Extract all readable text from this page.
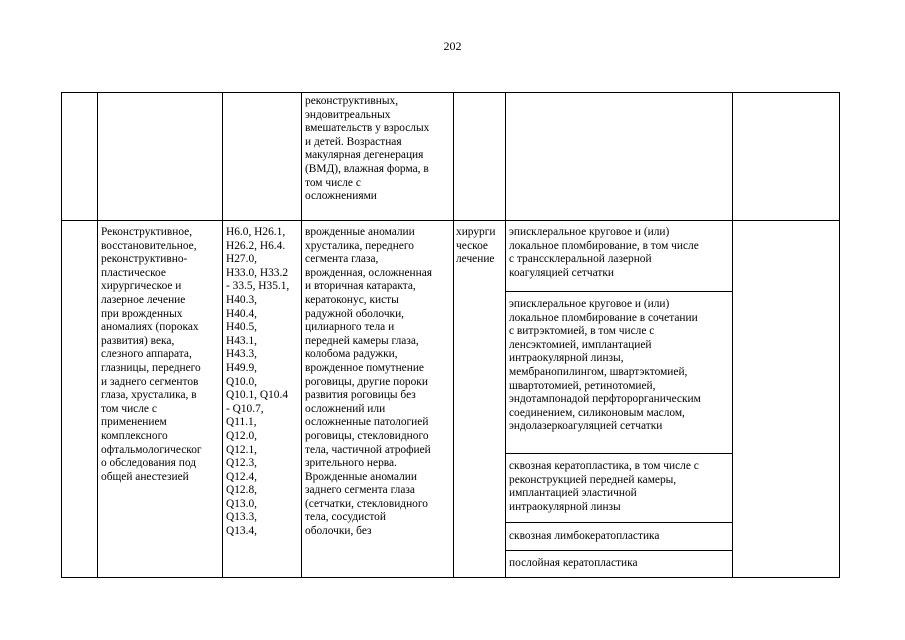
202
реконструктивных,
эндовитреальных
вмешательств у взрослых
и детей. Возрастная
макулярная дегенерация
(ВМД), влажная форма, в
том числе с
осложнениями
Реконструктивное,
восстановительное,
реконструктивно-
пластическое
хирургическое и
лазерное лечение
при врожденных
аномалиях (пороках
развития) века,
слезного аппарата,
глазницы, переднего
и заднего сегментов
глаза, хрусталика, в
том числе с
применением
комплексного
офтальмологическог
о обследования под
общей анестезией
H6.0, H26.1,
H26.2, H6.4.
H27.0,
H33.0, H33.2
- 33.5, H35.1,
H40.3,
H40.4,
H40.5,
H43.1,
H43.3,
H49.9,
Q10.0,
Q10.1, Q10.4
- Q10.7,
Q11.1,
Q12.0,
Q12.1,
Q12.3,
Q12.4,
Q12.8,
Q13.0,
Q13.3,
Q13.4,
врожденные аномалии
хрусталика, переднего
сегмента глаза,
врожденная, осложненная
и вторичная катаракта,
кератоконус, кисты
радужной оболочки,
цилиарного тела и
передней камеры глаза,
колобома радужки,
врожденное помутнение
роговицы, другие пороки
развития роговицы без
осложнений или
осложненные патологией
роговицы, стекловидного
тела, частичной атрофией
зрительного нерва.
Врожденные аномалии
заднего сегмента глаза
(сетчатки, стекловидного
тела, сосудистой
оболочки, без
хирурги
ческое
лечение
эписклеральное круговое и (или)
локальное пломбирование, в том числе
с транссклеральной лазерной
коагуляцией сетчатки
эписклеральное круговое и (или)
локальное пломбирование в сочетании
с витрэктомией, в том числе с
ленсэктомией, имплантацией
интраокулярной линзы,
мембранопилингом, швартэктомией,
швартотомией, ретинотомией,
эндотампонадой перфторорганическим
соединением, силиконовым маслом,
эндолазеркоагуляцией сетчатки
сквозная кератопластика, в том числе с
реконструкцией передней камеры,
имплантацией эластичной
интраокулярной линзы
сквозная лимбокератопластика
послойная кератопластика
